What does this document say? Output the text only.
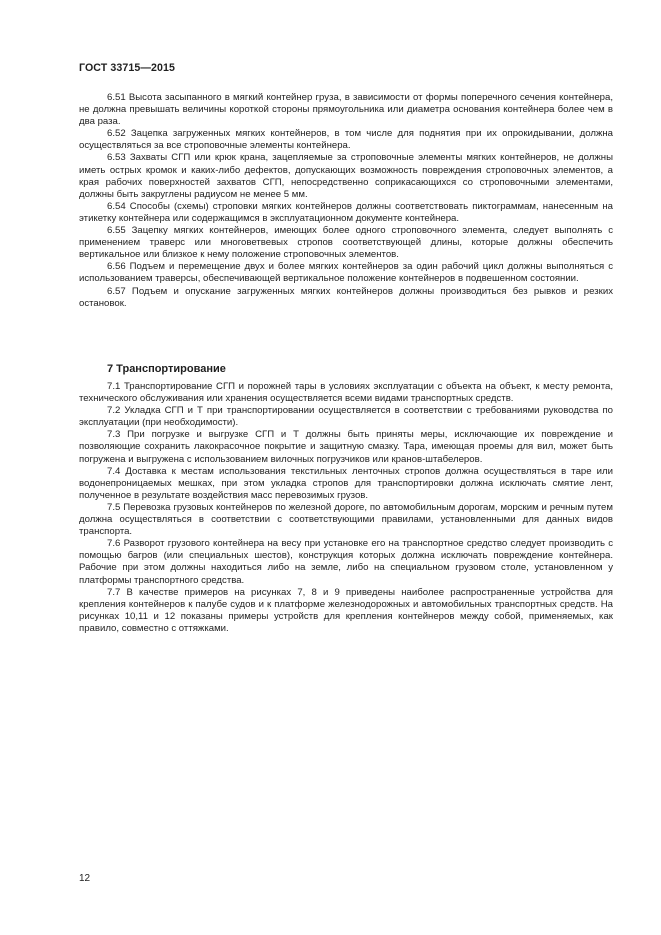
ГОСТ 33715—2015

6.51 Высота засыпанного в мягкий контейнер груза, в зависимости от формы поперечного сечения контейнера, не должна превышать величины короткой стороны прямоугольника или диаметра основания контейнера более чем в два раза.

6.52 Зацепка загруженных мягких контейнеров, в том числе для поднятия при их опрокидывании, должна осуществляться за все строповочные элементы контейнера.

6.53 Захваты СГП или крюк крана, зацепляемые за строповочные элементы мягких контейнеров, не должны иметь острых кромок и каких-либо дефектов, допускающих возможность повреждения строповочных элементов, а края рабочих поверхностей захватов СГП, непосредственно соприкасающихся со строповочными элементами, должны быть закруглены радиусом не менее 5 мм.

6.54 Способы (схемы) строповки мягких контейнеров должны соответствовать пиктограммам, нанесенным на этикетку контейнера или содержащимся в эксплуатационном документе контейнера.

6.55 Зацепку мягких контейнеров, имеющих более одного строповочного элемента, следует выполнять с применением траверс или многоветвевых стропов соответствующей длины, которые должны обеспечить вертикальное или близкое к нему положение строповочных элементов.

6.56 Подъем и перемещение двух и более мягких контейнеров за один рабочий цикл должны выполняться с использованием траверсы, обеспечивающей вертикальное положение контейнеров в подвешенном состоянии.

6.57 Подъем и опускание загруженных мягких контейнеров должны производиться без рывков и резких остановок.

7 Транспортирование

7.1 Транспортирование СГП и порожней тары в условиях эксплуатации с объекта на объект, к месту ремонта, технического обслуживания или хранения осуществляется всеми видами транспортных средств.

7.2 Укладка СГП и Т при транспортировании осуществляется в соответствии с требованиями руководства по эксплуатации (при необходимости).

7.3 При погрузке и выгрузке СГП и Т должны быть приняты меры, исключающие их повреждение и позволяющие сохранить лакокрасочное покрытие и защитную смазку. Тара, имеющая проемы для вил, может быть погружена и выгружена с использованием вилочных погрузчиков или кранов-штабелеров.

7.4 Доставка к местам использования текстильных ленточных стропов должна осуществляться в таре или водонепроницаемых мешках, при этом укладка стропов для транспортировки должна исключать смятие лент, полученное в результате воздействия масс перевозимых грузов.

7.5 Перевозка грузовых контейнеров по железной дороге, по автомобильным дорогам, морским и речным путем должна осуществляться в соответствии с соответствующими правилами, установленными для данных видов транспорта.

7.6 Разворот грузового контейнера на весу при установке его на транспортное средство следует производить с помощью багров (или специальных шестов), конструкция которых должна исключать повреждение контейнера. Рабочие при этом должны находиться либо на земле, либо на специальном грузовом столе, установленном у платформы транспортного средства.

7.7 В качестве примеров на рисунках 7, 8 и 9 приведены наиболее распространенные устройства для крепления контейнеров к палубе судов и к платформе железнодорожных и автомобильных транспортных средств. На рисунках 10,11 и 12 показаны примеры устройств для крепления контейнеров между собой, применяемых, как правило, совместно с оттяжками.

12
